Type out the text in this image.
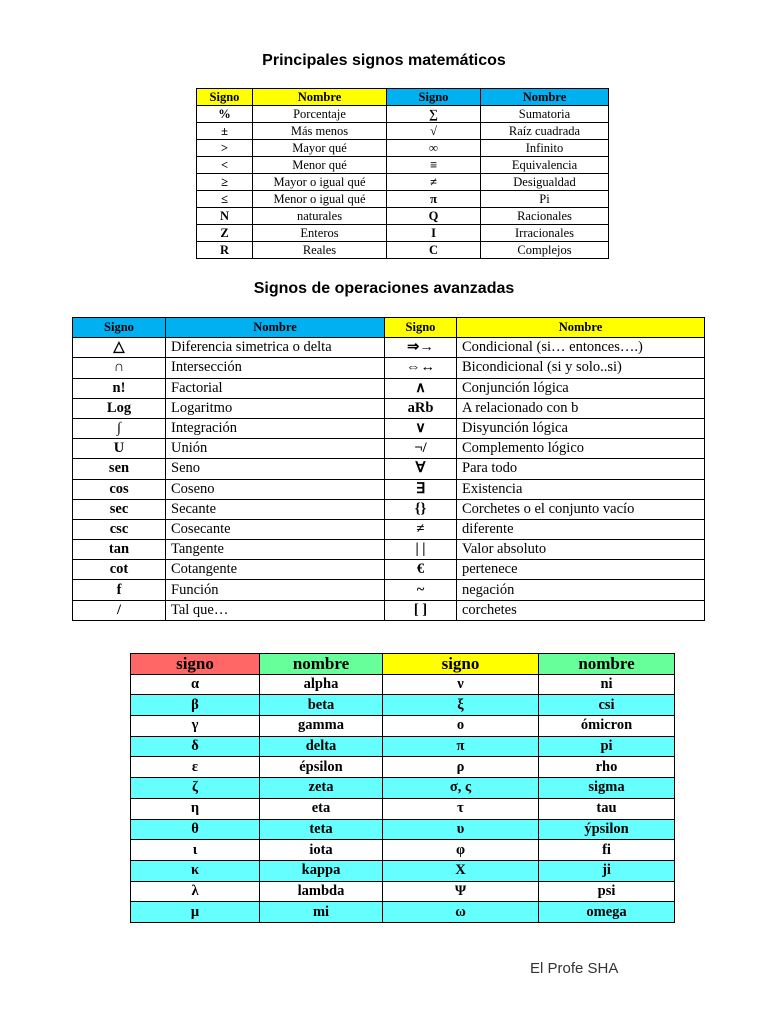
Principales signos matemáticos
Signo	Nombre	Signo	Nombre
%	Porcentaje	∑	Sumatoria
±	Más menos	√	Raíz cuadrada
>	Mayor qué	∞	Infinito
<	Menor qué	≡	Equivalencia
≥	Mayor o igual qué	≠	Desigualdad
≤	Menor o igual qué	π	Pi
N	naturales	Q	Racionales
Z	Enteros	I	Irracionales
R	Reales	C	Complejos
Signos de operaciones avanzadas
Signo	Nombre	Signo	Nombre
△	Diferencia simetrica o delta	⇒→	Condicional (si… entonces….)
∩	Intersección	⇔↔	Bicondicional (si y solo..si)
n!	Factorial	∧	Conjunción lógica
Log	Logaritmo	aRb	A relacionado con b
∫	Integración	∨	Disyunción lógica
U	Unión	¬/	Complemento lógico
sen	Seno	∀	Para todo
cos	Coseno	∃	Existencia
sec	Secante	{}	Corchetes o el conjunto vacío
csc	Cosecante	≠	diferente
tan	Tangente	| |	Valor absoluto
cot	Cotangente	€	pertenece
f	Función	~	negación
/	Tal que…	[ ]	corchetes
signo	nombre	signo	nombre
α	alpha	ν	ni
β	beta	ξ	csi
γ	gamma	ο	ómicron
δ	delta	π	pi
ε	épsilon	ρ	rho
ζ	zeta	σ, ς	sigma
η	eta	τ	tau
θ	teta	υ	ýpsilon
ι	iota	φ	fi
κ	kappa	X	ji
λ	lambda	Ψ	psi
μ	mi	ω	omega
El Profe SHA
